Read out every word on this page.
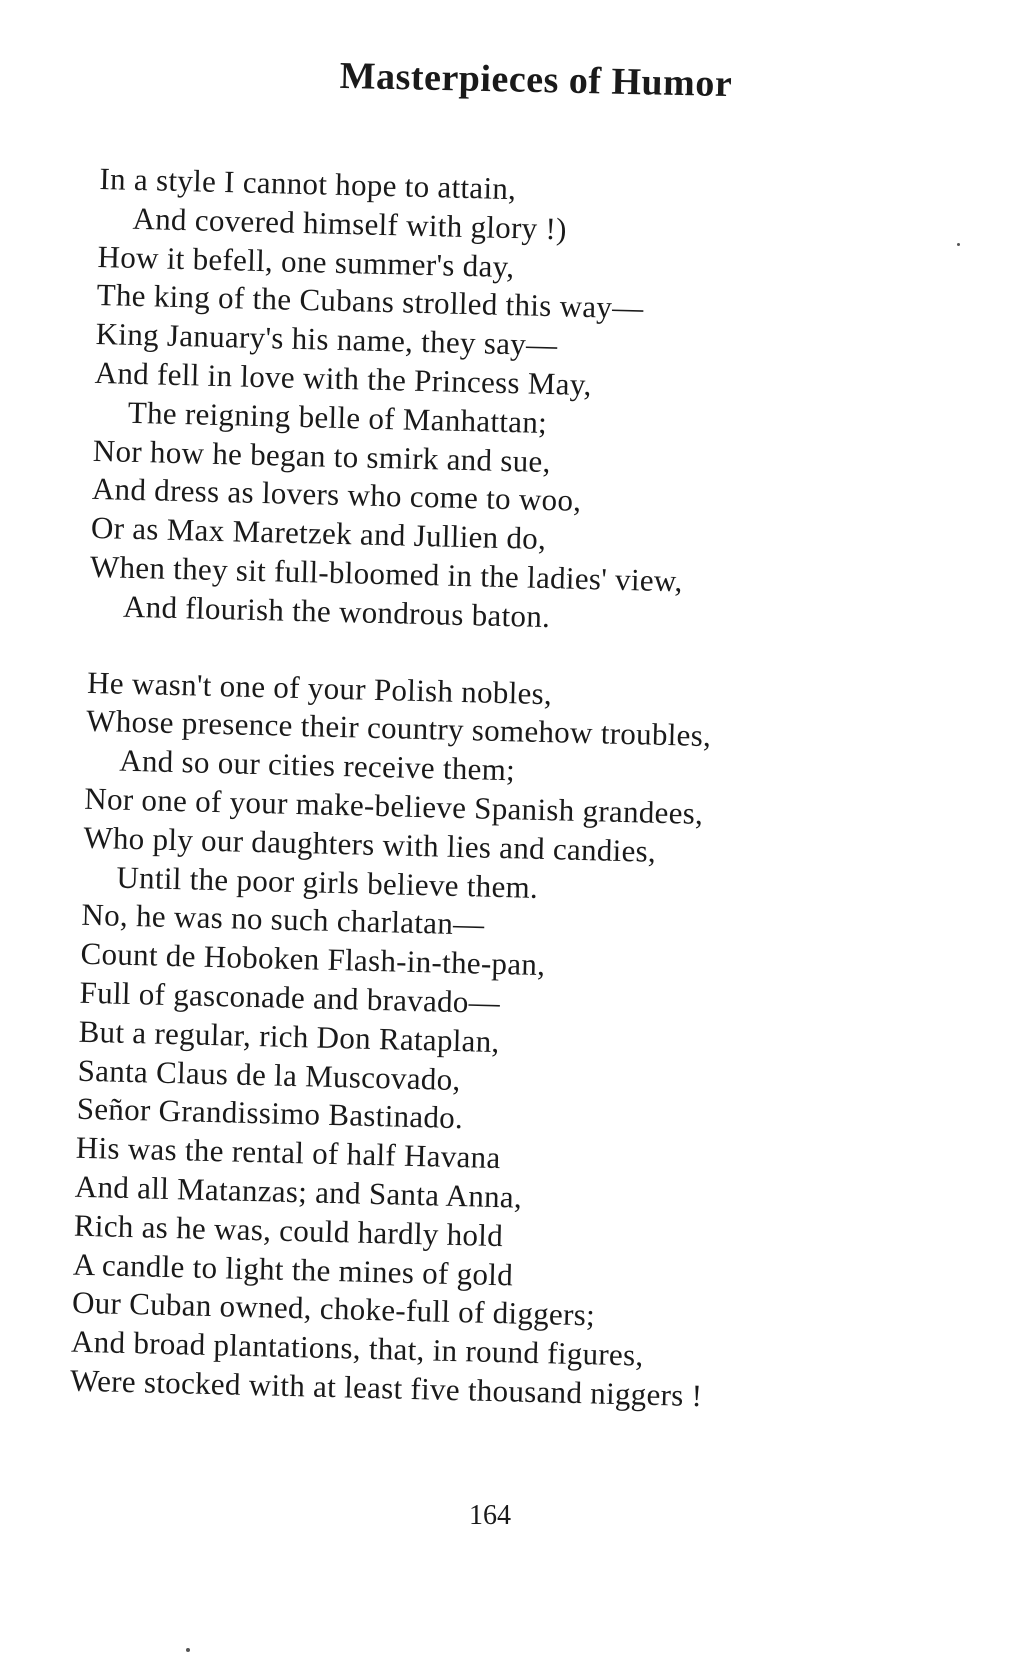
Masterpieces of Humor
In a style I cannot hope to attain,
And covered himself with glory !)
How it befell, one summer's day,
The king of the Cubans strolled this way—
King January's his name, they say—
And fell in love with the Princess May,
The reigning belle of Manhattan;
Nor how he began to smirk and sue,
And dress as lovers who come to woo,
Or as Max Maretzek and Jullien do,
When they sit full-bloomed in the ladies' view,
And flourish the wondrous baton.
He wasn't one of your Polish nobles,
Whose presence their country somehow troubles,
And so our cities receive them;
Nor one of your make-believe Spanish grandees,
Who ply our daughters with lies and candies,
Until the poor girls believe them.
No, he was no such charlatan—
Count de Hoboken Flash-in-the-pan,
Full of gasconade and bravado—
But a regular, rich Don Rataplan,
Santa Claus de la Muscovado,
Señor Grandissimo Bastinado.
His was the rental of half Havana
And all Matanzas; and Santa Anna,
Rich as he was, could hardly hold
A candle to light the mines of gold
Our Cuban owned, choke-full of diggers;
And broad plantations, that, in round figures,
Were stocked with at least five thousand niggers !
164
